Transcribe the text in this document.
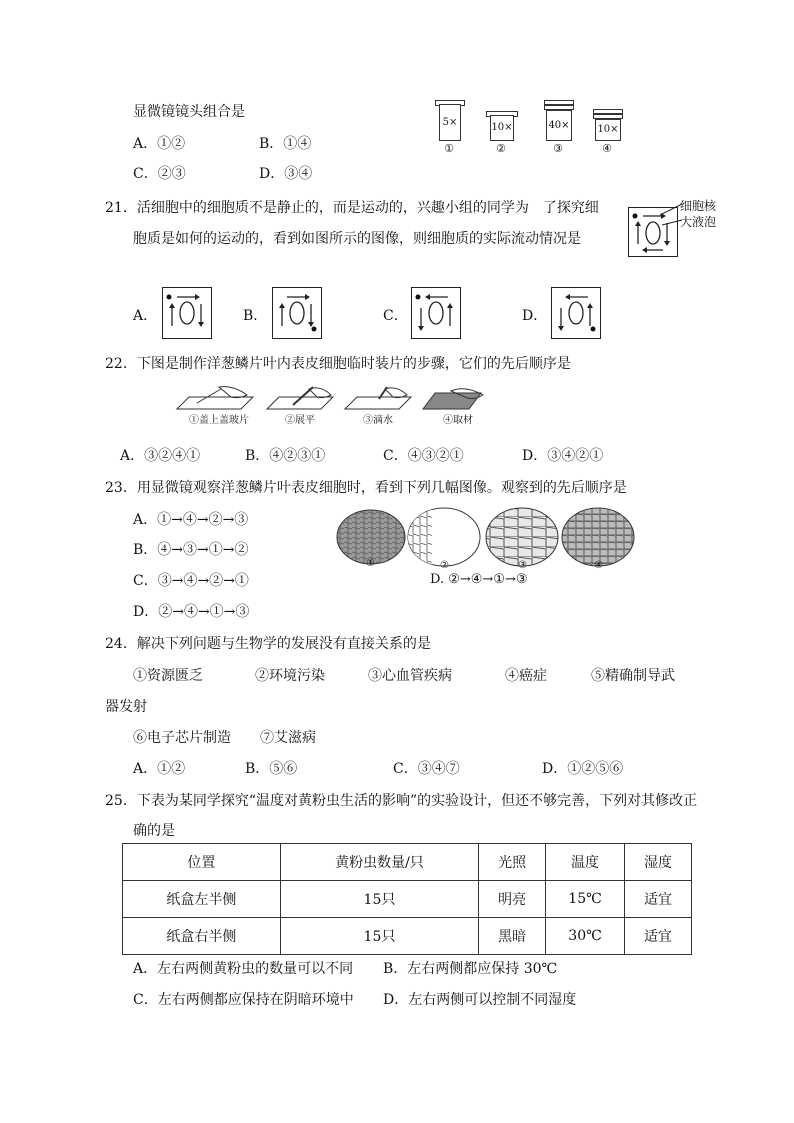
显微镜镜头组合是
A．①②	B．①④
C．②③	D．③④
5×
①
10×
②
40×
③
10×
④
21．活细胞中的细胞质不是静止的，而是运动的，兴趣小组的同学为　了探究细
胞质是如何的运动的，看到如图所示的图像，则细胞质的实际流动情况是
细胞核
大液泡
A．	B．	C．	D．
22．下图是制作洋葱鳞片叶内表皮细胞临时装片的步骤，它们的先后顺序是
①盖上盖玻片	②展平	③滴水	④取材
A．③②④①	B．④②③①	C．④③②①	D．③④②①
23．用显微镜观察洋葱鳞片叶表皮细胞时，看到下列几幅图像。观察到的先后顺序是
A．①→④→②→③
B．④→③→①→②
C．③→④→②→①
D．②→④→①→③
①	②	③	④
D. ②→④→①→③
24．解决下列问题与生物学的发展没有直接关系的是
①资源匮乏	②环境污染	③心血管疾病	④癌症	⑤精确制导武
器发射
⑥电子芯片制造 ⑦艾滋病
A．①②	B．⑤⑥	C．③④⑦	D．①②⑤⑥
25．下表为某同学探究“温度对黄粉虫生活的影响”的实验设计，但还不够完善，下列对其修改正
确的是
位置	黄粉虫数量/只	光照	温度	湿度
纸盒左半侧	15只	明亮	15℃	适宜
纸盒右半侧	15只	黑暗	30℃	适宜
A．左右两侧黄粉虫的数量可以不同 B．左右两侧都应保持 30℃
C．左右两侧都应保持在阴暗环境中 D．左右两侧可以控制不同湿度
